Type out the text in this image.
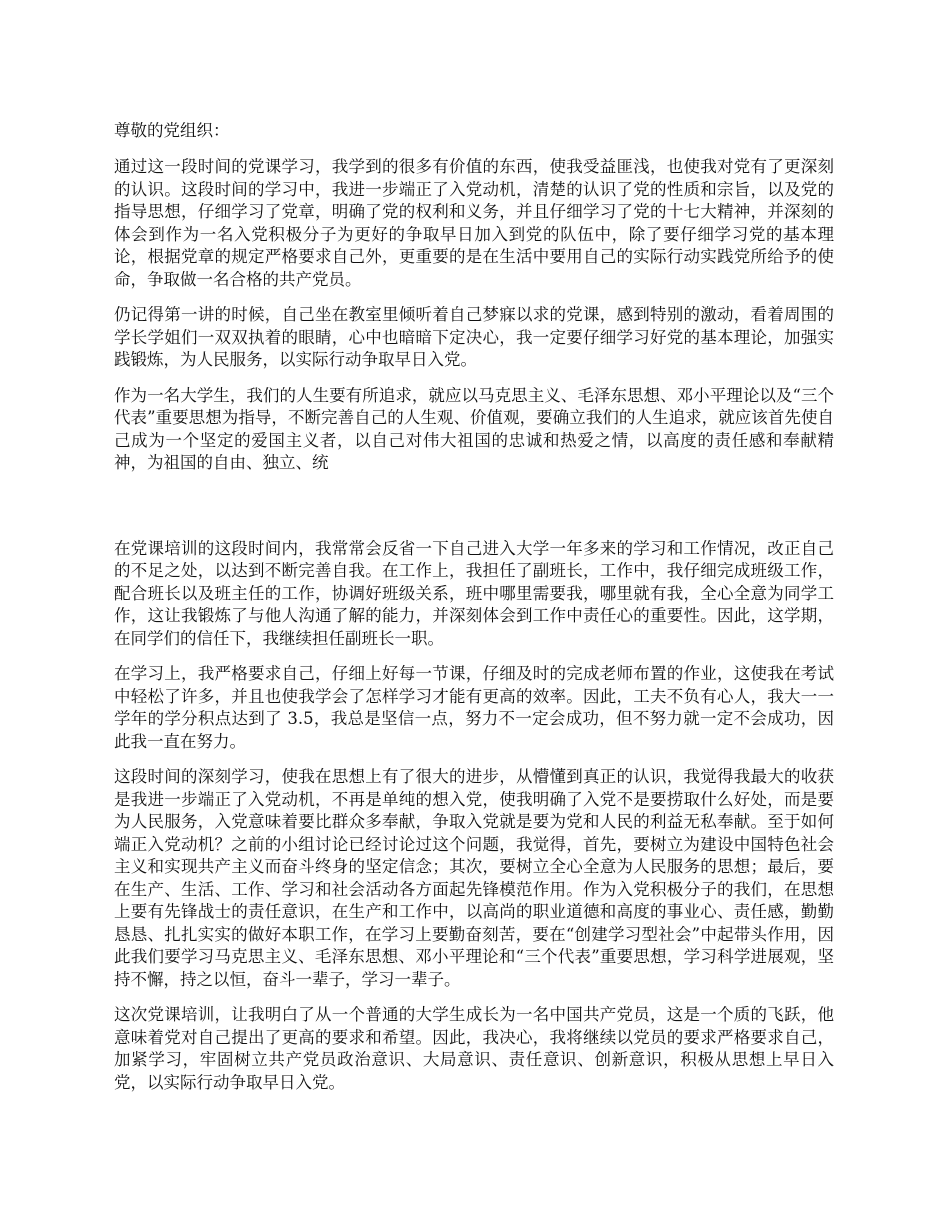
尊敬的党组织：

通过这一段时间的党课学习，我学到的很多有价值的东西，使我受益匪浅，也使我对党有了更深刻的认识。这段时间的学习中，我进一步端正了入党动机，清楚的认识了党的性质和宗旨，以及党的指导思想，仔细学习了党章，明确了党的权利和义务，并且仔细学习了党的十七大精神，并深刻的体会到作为一名入党积极分子为更好的争取早日加入到党的队伍中，除了要仔细学习党的基本理论，根据党章的规定严格要求自己外，更重要的是在生活中要用自己的实际行动实践党所给予的使命，争取做一名合格的共产党员。

仍记得第一讲的时候，自己坐在教室里倾听着自己梦寐以求的党课，感到特别的激动，看着周围的学长学姐们一双双执着的眼睛，心中也暗暗下定决心，我一定要仔细学习好党的基本理论，加强实践锻炼，为人民服务，以实际行动争取早日入党。

作为一名大学生，我们的人生要有所追求，就应以马克思主义、毛泽东思想、邓小平理论以及“三个代表”重要思想为指导，不断完善自己的人生观、价值观，要确立我们的人生追求，就应该首先使自己成为一个坚定的爱国主义者，以自己对伟大祖国的忠诚和热爱之情，以高度的责任感和奉献精神，为祖国的自由、独立、统

在党课培训的这段时间内，我常常会反省一下自己进入大学一年多来的学习和工作情况，改正自己的不足之处，以达到不断完善自我。在工作上，我担任了副班长，工作中，我仔细完成班级工作，配合班长以及班主任的工作，协调好班级关系，班中哪里需要我，哪里就有我，全心全意为同学工作，这让我锻炼了与他人沟通了解的能力，并深刻体会到工作中责任心的重要性。因此，这学期，在同学们的信任下，我继续担任副班长一职。

在学习上，我严格要求自己，仔细上好每一节课，仔细及时的完成老师布置的作业，这使我在考试中轻松了许多，并且也使我学会了怎样学习才能有更高的效率。因此，工夫不负有心人，我大一一学年的学分积点达到了 3.5，我总是坚信一点，努力不一定会成功，但不努力就一定不会成功，因此我一直在努力。

这段时间的深刻学习，使我在思想上有了很大的进步，从懵懂到真正的认识，我觉得我最大的收获是我进一步端正了入党动机，不再是单纯的想入党，使我明确了入党不是要捞取什么好处，而是要为人民服务，入党意味着要比群众多奉献，争取入党就是要为党和人民的利益无私奉献。至于如何端正入党动机？之前的小组讨论已经讨论过这个问题，我觉得，首先，要树立为建设中国特色社会主义和实现共产主义而奋斗终身的坚定信念；其次，要树立全心全意为人民服务的思想；最后，要在生产、生活、工作、学习和社会活动各方面起先锋模范作用。作为入党积极分子的我们，在思想上要有先锋战士的责任意识，在生产和工作中，以高尚的职业道德和高度的事业心、责任感，勤勤恳恳、扎扎实实的做好本职工作，在学习上要勤奋刻苦，要在“创建学习型社会”中起带头作用，因此我们要学习马克思主义、毛泽东思想、邓小平理论和“三个代表”重要思想，学习科学进展观，坚持不懈，持之以恒，奋斗一辈子，学习一辈子。

这次党课培训，让我明白了从一个普通的大学生成长为一名中国共产党员，这是一个质的飞跃，他意味着党对自己提出了更高的要求和希望。因此，我决心，我将继续以党员的要求严格要求自己，加紧学习，牢固树立共产党员政治意识、大局意识、责任意识、创新意识，积极从思想上早日入党，以实际行动争取早日入党。
